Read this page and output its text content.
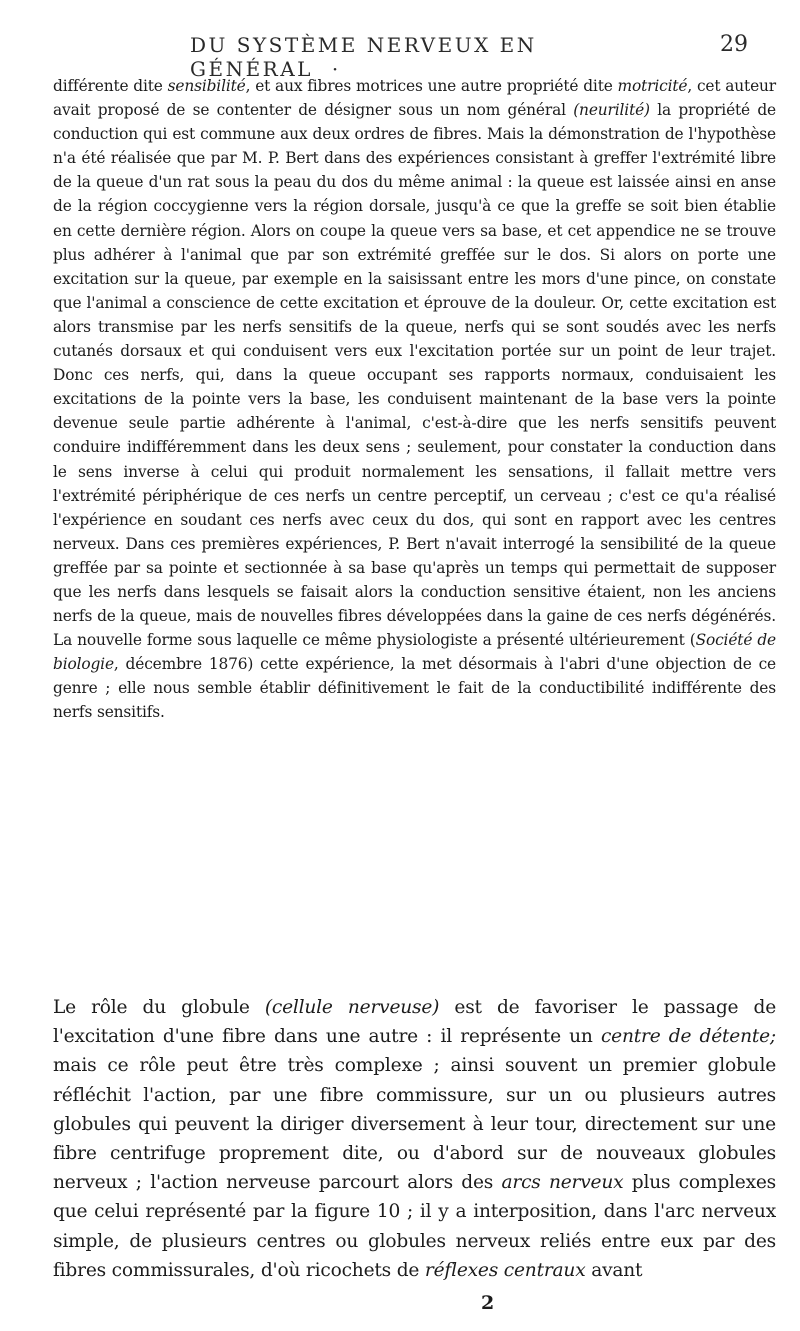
DU SYSTÈME NERVEUX EN GÉNÉRAL ·
29

différente dite sensibilité, et aux fibres motrices une autre propriété dite motricité, cet auteur avait proposé de se contenter de désigner sous un nom général (neurilité) la propriété de conduction qui est commune aux deux ordres de fibres. Mais la démonstration de l'hypothèse n'a été réalisée que par M. P. Bert dans des expériences consistant à greffer l'extrémité libre de la queue d'un rat sous la peau du dos du même animal : la queue est laissée ainsi en anse de la région coccygienne vers la région dorsale, jusqu'à ce que la greffe se soit bien établie en cette dernière région. Alors on coupe la queue vers sa base, et cet appendice ne se trouve plus adhérer à l'animal que par son extrémité greffée sur le dos. Si alors on porte une excitation sur la queue, par exemple en la saisissant entre les mors d'une pince, on constate que l'animal a conscience de cette excitation et éprouve de la douleur. Or, cette excitation est alors transmise par les nerfs sensitifs de la queue, nerfs qui se sont soudés avec les nerfs cutanés dorsaux et qui conduisent vers eux l'excitation portée sur un point de leur trajet. Donc ces nerfs, qui, dans la queue occupant ses rapports normaux, conduisaient les excitations de la pointe vers la base, les conduisent maintenant de la base vers la pointe devenue seule partie adhérente à l'animal, c'est-à-dire que les nerfs sensitifs peuvent conduire indifféremment dans les deux sens ; seulement, pour constater la conduction dans le sens inverse à celui qui produit normalement les sensations, il fallait mettre vers l'extrémité périphérique de ces nerfs un centre perceptif, un cerveau ; c'est ce qu'a réalisé l'expérience en soudant ces nerfs avec ceux du dos, qui sont en rapport avec les centres nerveux. Dans ces premières expériences, P. Bert n'avait interrogé la sensibilité de la queue greffée par sa pointe et sectionnée à sa base qu'après un temps qui permettait de supposer que les nerfs dans lesquels se faisait alors la conduction sensitive étaient, non les anciens nerfs de la queue, mais de nouvelles fibres développées dans la gaine de ces nerfs dégénérés. La nouvelle forme sous laquelle ce même physiologiste a présenté ultérieurement (Société de biologie, décembre 1876) cette expérience, la met désormais à l'abri d'une objection de ce genre ; elle nous semble établir définitivement le fait de la conductibilité indifférente des nerfs sensitifs.

Le rôle du globule (cellule nerveuse) est de favoriser le passage de l'excitation d'une fibre dans une autre : il représente un centre de détente; mais ce rôle peut être très complexe ; ainsi souvent un premier globule réfléchit l'action, par une fibre commissure, sur un ou plusieurs autres globules qui peuvent la diriger diversement à leur tour, directement sur une fibre centrifuge proprement dite, ou d'abord sur de nouveaux globules nerveux ; l'action nerveuse parcourt alors des arcs nerveux plus complexes que celui représenté par la figure 10 ; il y a interposition, dans l'arc nerveux simple, de plusieurs centres ou globules nerveux reliés entre eux par des fibres commissurales, d'où ricochets de réflexes centraux avant

2
